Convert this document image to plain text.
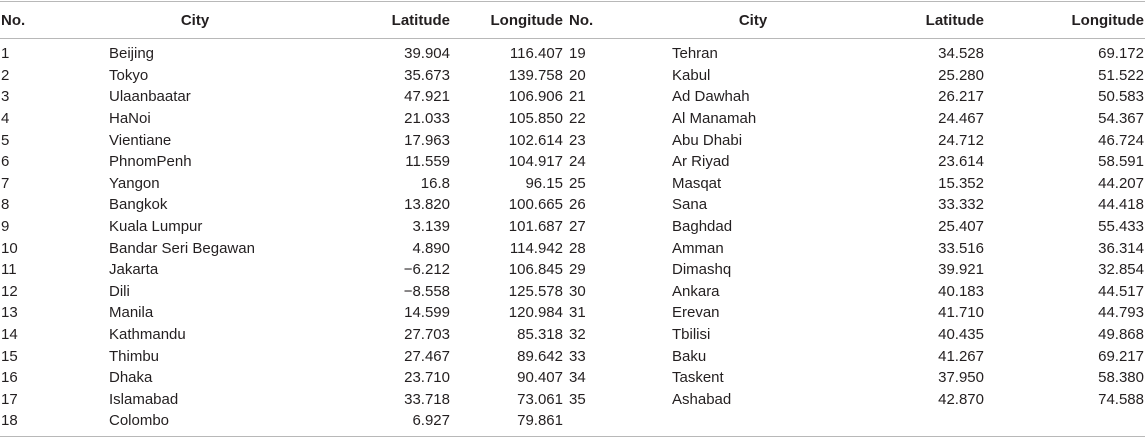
No.	City	Latitude	Longitude	No.	City	Latitude	Longitude
1	Beijing	39.904	116.407	19	Tehran	34.528	69.172
2	Tokyo	35.673	139.758	20	Kabul	25.280	51.522
3	Ulaanbaatar	47.921	106.906	21	Ad Dawhah	26.217	50.583
4	HaNoi	21.033	105.850	22	Al Manamah	24.467	54.367
5	Vientiane	17.963	102.614	23	Abu Dhabi	24.712	46.724
6	PhnomPenh	11.559	104.917	24	Ar Riyad	23.614	58.591
7	Yangon	16.8	96.15	25	Masqat	15.352	44.207
8	Bangkok	13.820	100.665	26	Sana	33.332	44.418
9	Kuala Lumpur	3.139	101.687	27	Baghdad	25.407	55.433
10	Bandar Seri Begawan	4.890	114.942	28	Amman	33.516	36.314
11	Jakarta	−6.212	106.845	29	Dimashq	39.921	32.854
12	Dili	−8.558	125.578	30	Ankara	40.183	44.517
13	Manila	14.599	120.984	31	Erevan	41.710	44.793
14	Kathmandu	27.703	85.318	32	Tbilisi	40.435	49.868
15	Thimbu	27.467	89.642	33	Baku	41.267	69.217
16	Dhaka	23.710	90.407	34	Taskent	37.950	58.380
17	Islamabad	33.718	73.061	35	Ashabad	42.870	74.588
18	Colombo	6.927	79.861				
